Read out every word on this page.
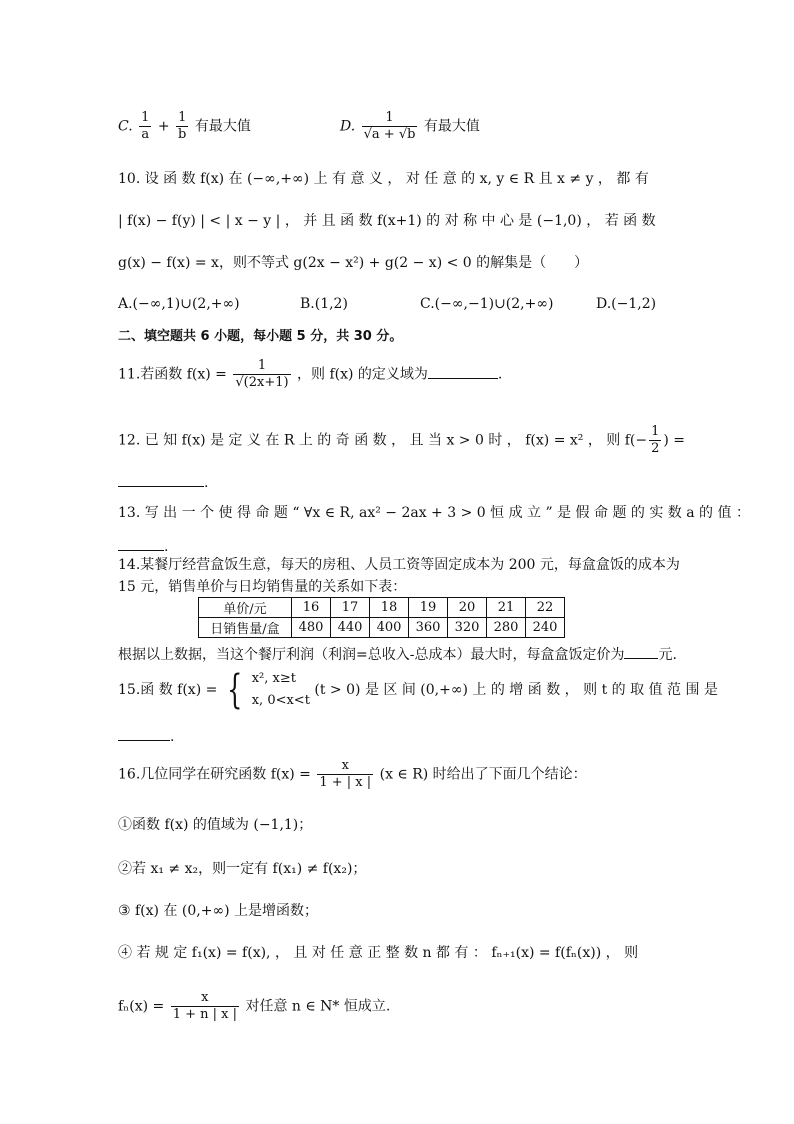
C. $\frac{1}{a} + \frac{1}{b}$ 有最大值	D. $\frac{1}{√a + √b}$ 有最大值
10. 设 函 数 f(x) 在 (−∞,+∞) 上 有 意 义 ， 对 任 意 的 x, y ∈ R 且 x ≠ y ， 都 有
| f(x) − f(y) | < | x − y | ， 并 且 函 数 f(x+1) 的 对 称 中 心 是 (−1,0) ， 若 函 数
g(x) − f(x) = x，则不等式 g(2x − x²) + g(2 − x) < 0 的解集是（　　）
A.(−∞,1)∪(2,+∞)	B.(1,2)	C.(−∞,−1)∪(2,+∞)	D.(−1,2)
二、填空题共 6 小题，每小题 5 分，共 30 分。
11.若函数 $f(x) = \frac{1}{√(2x+1)}$ ，则 f(x) 的定义域为	.
12. 已 知 f(x) 是 定 义 在 R 上 的 奇 函 数 ， 且 当 x > 0 时 ， f(x) = x² ， 则 $f(- \frac{1}{2}$ ) =
.
13. 写 出 一 个 使 得 命 题 “ ∀x ∈ R, ax² − 2ax + 3 > 0 恒 成 立 ” 是 假 命 题 的 实 数 a 的 值 ：
.
14.某餐厅经营盒饭生意，每天的房租、人员工资等固定成本为 200 元，每盒盒饭的成本为
15 元，销售单价与日均销售量的关系如下表：
单价/元	16	17	18	19	20	21	22
日销售量/盒	480	440	400	360	320	280	240
根据以上数据，当这个餐厅利润（利润=总收入-总成本）最大时，每盒盒饭定价为 元.
15.函 数 f(x) = { x², x≥t
x, 0<x<t
(t > 0) 是 区 间 (0,+∞) 上 的 增 函 数 ， 则 t 的 取 值 范 围 是
.
16.几位同学在研究函数 $f(x) = \frac{x}{1 + | x |} (x$ ∈ R) 时给出了下面几个结论：
①函数 f(x) 的值域为 (−1,1)；
②若 x₁ ≠ x₂，则一定有 f(x₁) ≠ f(x₂)；
③ f(x) 在 (0,+∞) 上是增函数；
④ 若 规 定 f₁(x) = f(x), ， 且 对 任 意 正 整 数 n 都 有 ： fₙ₊₁(x) = f(fₙ(x)) ， 则
$f_n(x) = \frac{x}{1 + n | x |}$ 对任意 n ∈ N* 恒成立.
